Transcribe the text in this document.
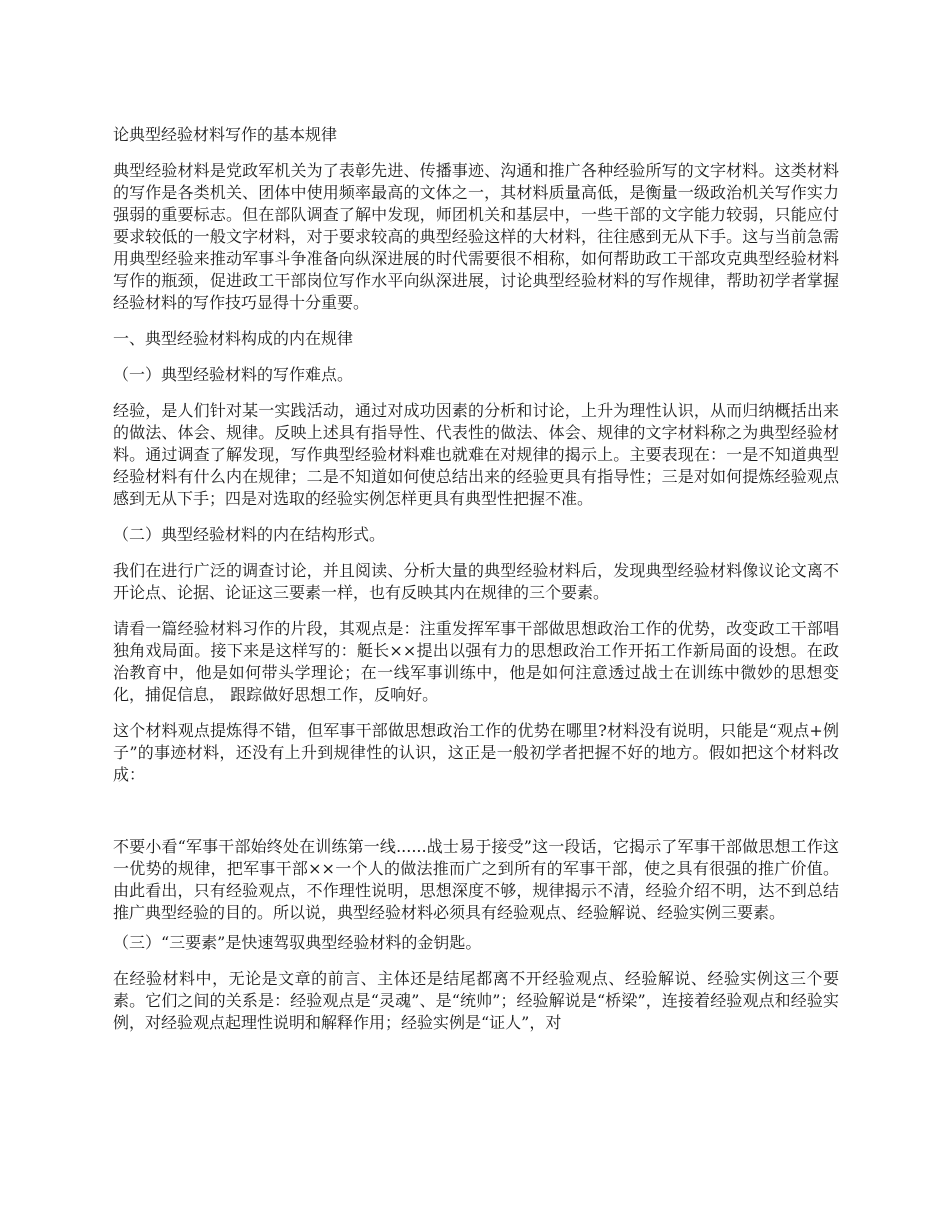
论典型经验材料写作的基本规律

典型经验材料是党政军机关为了表彰先进、传播事迹、沟通和推广各种经验所写的文字材料。这类材料的写作是各类机关、团体中使用频率最高的文体之一，其材料质量高低，是衡量一级政治机关写作实力强弱的重要标志。但在部队调查了解中发现，师团机关和基层中，一些干部的文字能力较弱，只能应付要求较低的一般文字材料，对于要求较高的典型经验这样的大材料，往往感到无从下手。这与当前急需用典型经验来推动军事斗争准备向纵深进展的时代需要很不相称，如何帮助政工干部攻克典型经验材料写作的瓶颈，促进政工干部岗位写作水平向纵深进展，讨论典型经验材料的写作规律，帮助初学者掌握经验材料的写作技巧显得十分重要。

一、典型经验材料构成的内在规律

（一）典型经验材料的写作难点。

经验，是人们针对某一实践活动，通过对成功因素的分析和讨论，上升为理性认识，从而归纳概括出来的做法、体会、规律。反映上述具有指导性、代表性的做法、体会、规律的文字材料称之为典型经验材料。通过调查了解发现，写作典型经验材料难也就难在对规律的揭示上。主要表现在：一是不知道典型经验材料有什么内在规律；二是不知道如何使总结出来的经验更具有指导性；三是对如何提炼经验观点感到无从下手；四是对选取的经验实例怎样更具有典型性把握不准。

（二）典型经验材料的内在结构形式。

我们在进行广泛的调查讨论，并且阅读、分析大量的典型经验材料后，发现典型经验材料像议论文离不开论点、论据、论证这三要素一样，也有反映其内在规律的三个要素。

请看一篇经验材料习作的片段，其观点是：注重发挥军事干部做思想政治工作的优势，改变政工干部唱独角戏局面。接下来是这样写的：艇长××提出以强有力的思想政治工作开拓工作新局面的设想。在政治教育中，他是如何带头学理论；在一线军事训练中，他是如何注意透过战士在训练中微妙的思想变化，捕促信息， 跟踪做好思想工作，反响好。

这个材料观点提炼得不错，但军事干部做思想政治工作的优势在哪里?材料没有说明，只能是“观点+例子”的事迹材料，还没有上升到规律性的认识，这正是一般初学者把握不好的地方。假如把这个材料改成：

不要小看“军事干部始终处在训练第一线......战士易于接受”这一段话，它揭示了军事干部做思想工作这一优势的规律，把军事干部××一个人的做法推而广之到所有的军事干部，使之具有很强的推广价值。由此看出，只有经验观点，不作理性说明，思想深度不够，规律揭示不清，经验介绍不明，达不到总结推广典型经验的目的。所以说，典型经验材料必须具有经验观点、经验解说、经验实例三要素。

（三）“三要素”是快速驾驭典型经验材料的金钥匙。

在经验材料中，无论是文章的前言、主体还是结尾都离不开经验观点、经验解说、经验实例这三个要素。它们之间的关系是：经验观点是“灵魂”、是“统帅”；经验解说是“桥梁”，连接着经验观点和经验实例，对经验观点起理性说明和解释作用；经验实例是“证人”，对
